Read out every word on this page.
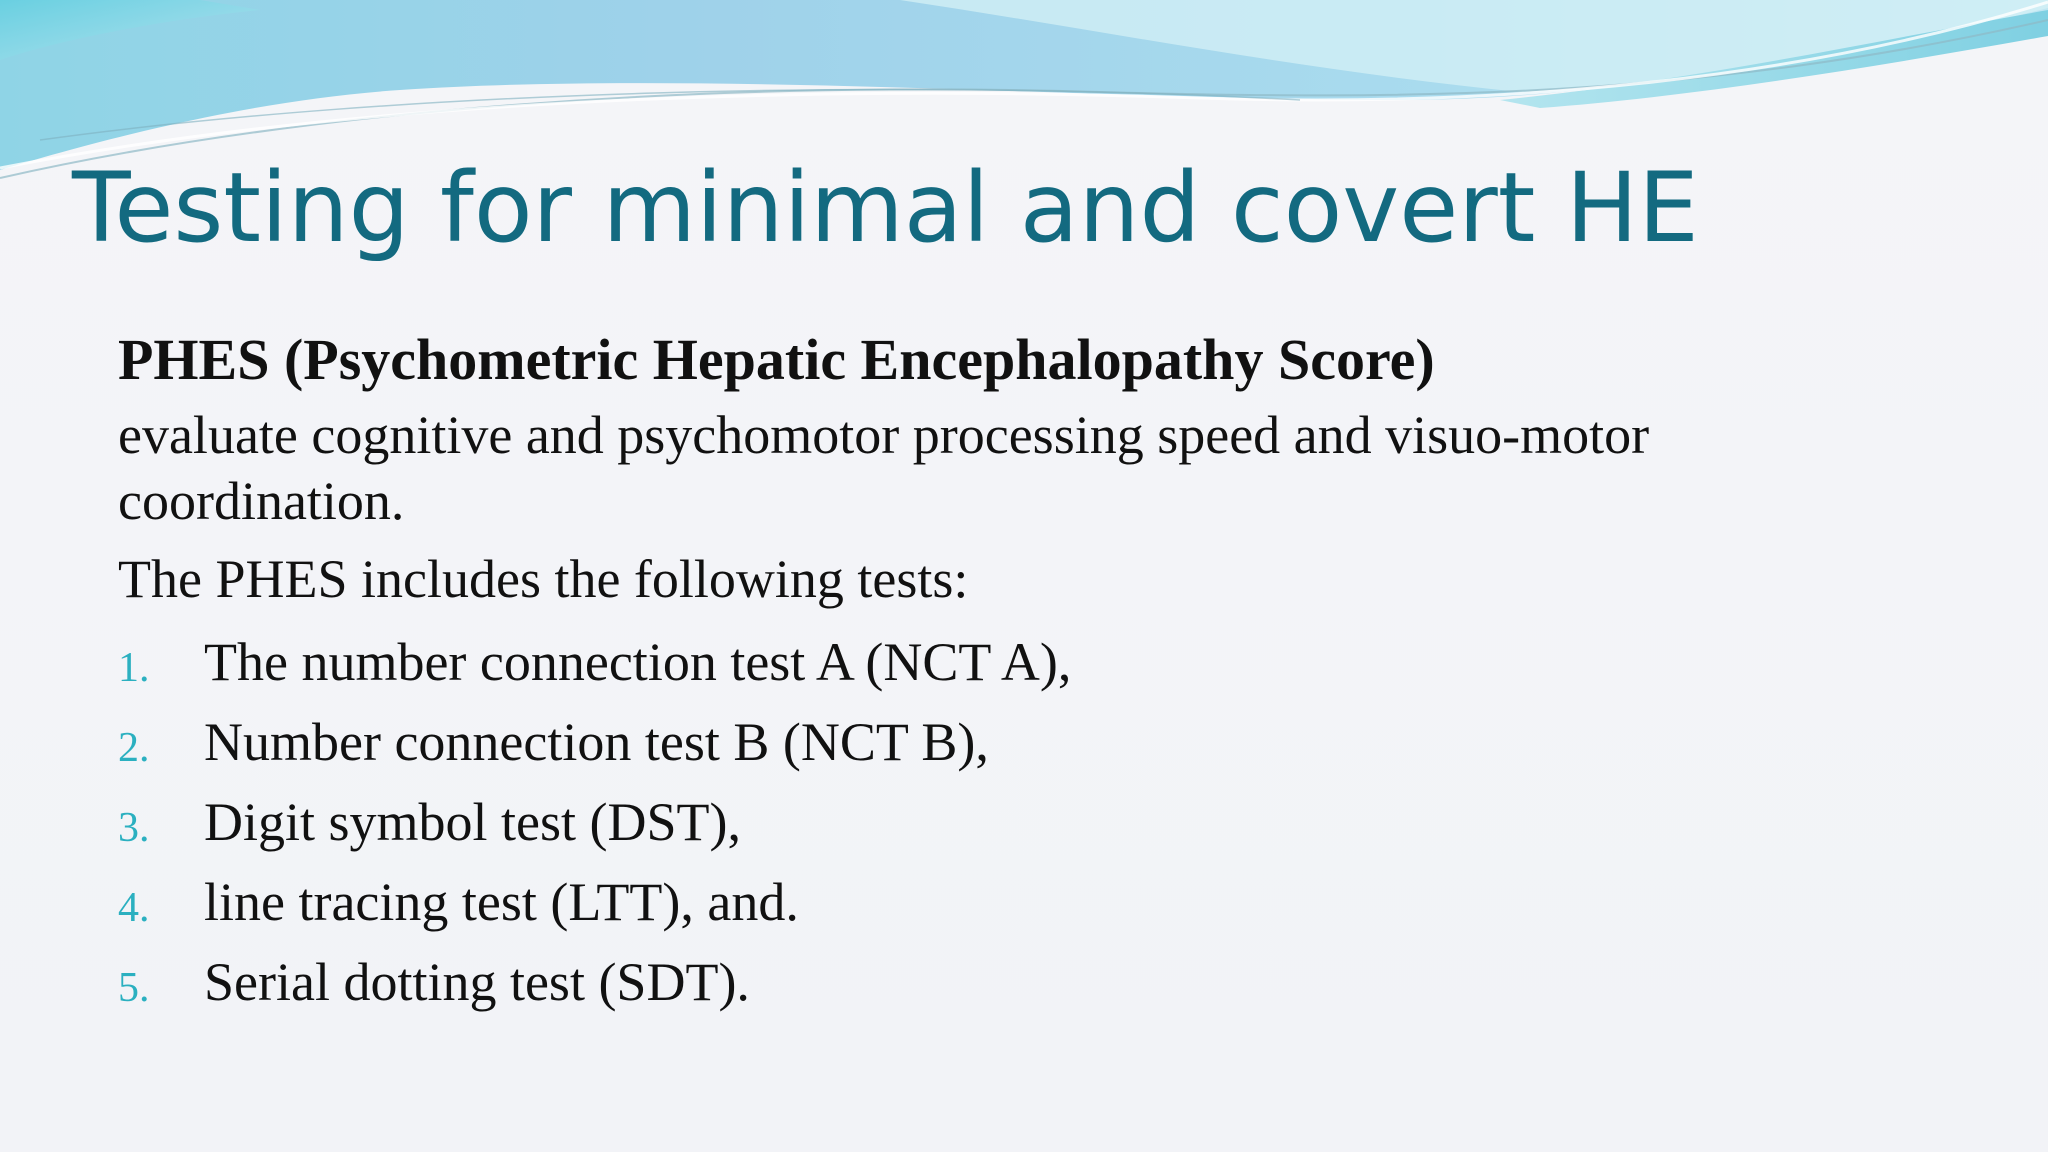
Testing for minimal and covert HE

PHES (Psychometric Hepatic Encephalopathy Score)

evaluate cognitive and psychomotor processing speed and visuo-motor coordination.

The PHES includes the following tests:

1. The number connection test A (NCT A),
2. Number connection test B (NCT B),
3. Digit symbol test (DST),
4. line tracing test (LTT), and.
5. Serial dotting test (SDT).
